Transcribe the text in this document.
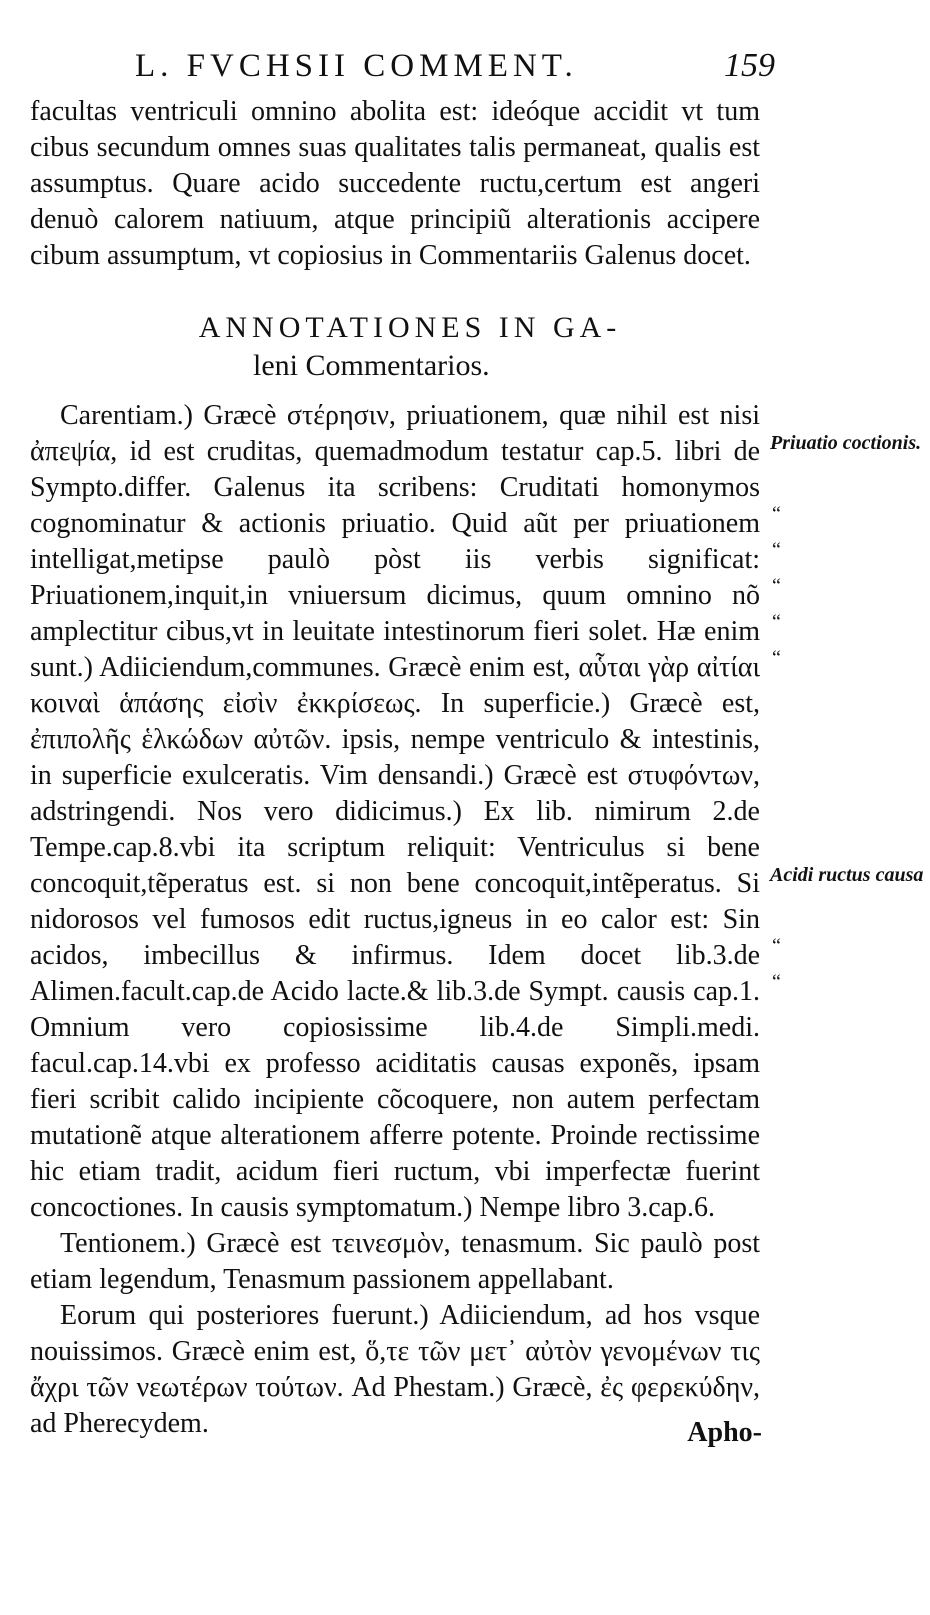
L. FVCHSII COMMENT.	159
facultas ventriculi omnino abolita est: ideóque accidit vt tum cibus secundum omnes suas qualitates talis permaneat, qualis est assumptus. Quare acido succedente ructu,certum est angeri denuò calorem natiuum, atque principiũ alterationis accipere cibum assumptum, vt copiosius in Commentariis Galenus docet.
ANNOTATIONES IN GA-
leni Commentarios.

Carentiam.) Græcè στέρησιν, priuationem, quæ nihil est nisi ἀπεψία, id est cruditas, quemadmodum testatur cap.5. libri de Sympto.differ. Galenus ita scribens: Cruditati homonymos cognominatur & actionis priuatio. Quid aũt per priuationem intelligat,metipse paulò pòst iis verbis significat: Priuationem,inquit,in vniuersum dicimus, quum omnino nõ amplectitur cibus,vt in leuitate intestinorum fieri solet. Hæ enim sunt.) Adiiciendum,communes. Græcè enim est, αὗται γὰρ αἰτίαι κοιναὶ ἁπάσης εἰσὶν ἐκκρίσεως. In superficie.) Græcè est, ἐπιπολῆς ἑλκώδων αὐτῶν. ipsis, nempe ventriculo & intestinis, in superficie exulceratis. Vim densandi.) Græcè est στυφόντων, adstringendi. Nos vero didicimus.) Ex lib. nimirum 2.de Tempe.cap.8.vbi ita scriptum reliquit: Ventriculus si bene concoquit,tẽperatus est. si non bene concoquit,intẽperatus. Si nidorosos vel fumosos edit ructus,igneus in eo calor est: Sin acidos, imbecillus & infirmus. Idem docet lib.3.de Alimen.facult.cap.de Acido lacte.& lib.3.de Sympt. causis cap.1. Omnium vero copiosissime lib.4.de Simpli.medi. facul.cap.14.vbi ex professo aciditatis causas exponẽs, ipsam fieri scribit calido incipiente cõcoquere, non autem perfectam mutationẽ atque alterationem afferre potente. Proinde rectissime hic etiam tradit, acidum fieri ructum, vbi imperfectæ fuerint concoctiones. In causis symptomatum.) Nempe libro 3.cap.6.

Tentionem.) Græcè est τεινεσμὸν, tenasmum. Sic paulò post etiam legendum, Tenasmum passionem appellabant.

Eorum qui posteriores fuerunt.) Adiiciendum, ad hos vsque nouissimos. Græcè enim est, ὅ,τε τῶν μετ᾽ αὐτὸν γενομένων τις ἄχρι τῶν νεωτέρων τούτων. Ad Phestam.) Græcè, ἐς φερεκύδην, ad Pherecydem.

Priuatio coctionis.
“
“
“
“
“
Acidi ructus causa
“
“
Apho-
